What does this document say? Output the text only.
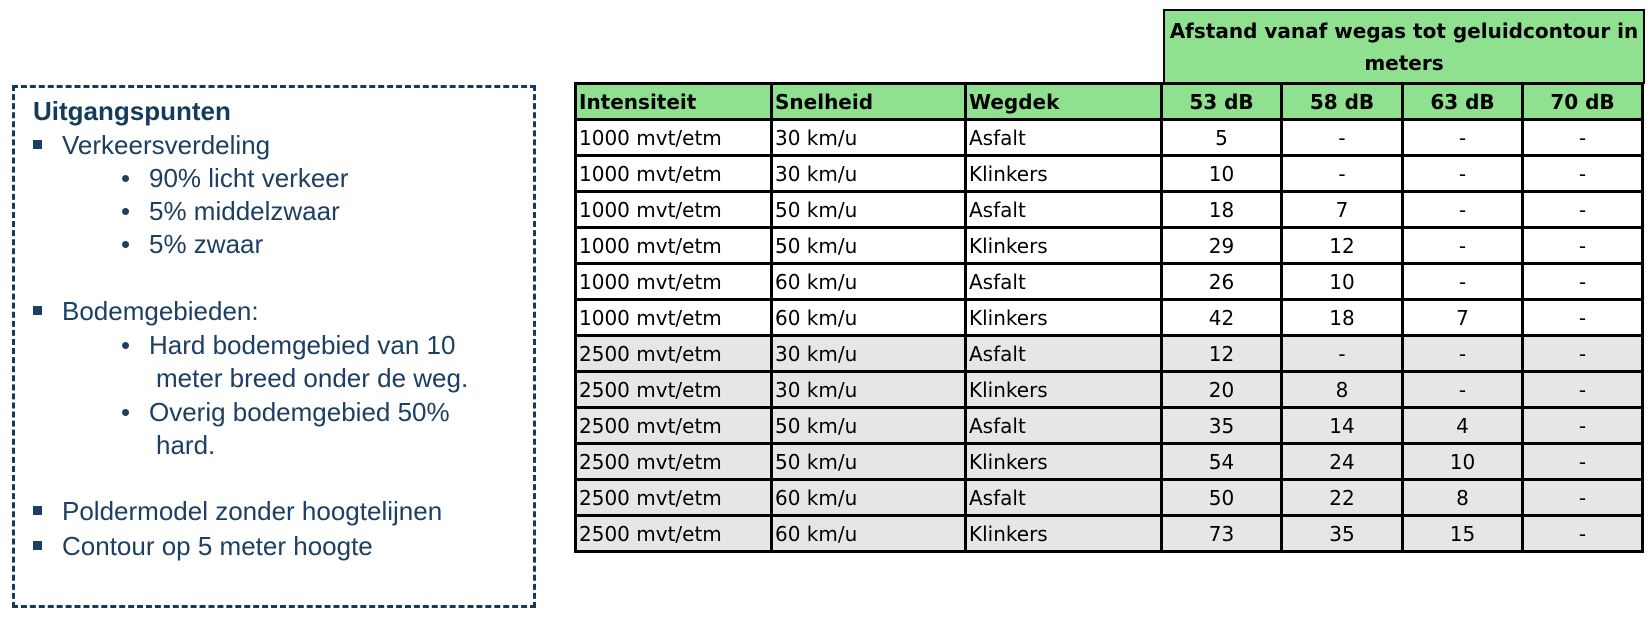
Uitgangspunten
Verkeersverdeling
• 90% licht verkeer
• 5% middelzwaar
• 5% zwaar
Bodemgebieden:
• Hard bodemgebied van 10
meter breed onder de weg.
• Overig bodemgebied 50%
hard.
Poldermodel zonder hoogtelijnen
Contour op 5 meter hoogte
Afstand vanaf wegas tot geluidcontour in
meters
Intensiteit	Snelheid	Wegdek	53 dB	58 dB	63 dB	70 dB
1000 mvt/etm	30 km/u	Asfalt	5	-	-	-
1000 mvt/etm	30 km/u	Klinkers	10	-	-	-
1000 mvt/etm	50 km/u	Asfalt	18	7	-	-
1000 mvt/etm	50 km/u	Klinkers	29	12	-	-
1000 mvt/etm	60 km/u	Asfalt	26	10	-	-
1000 mvt/etm	60 km/u	Klinkers	42	18	7	-
2500 mvt/etm	30 km/u	Asfalt	12	-	-	-
2500 mvt/etm	30 km/u	Klinkers	20	8	-	-
2500 mvt/etm	50 km/u	Asfalt	35	14	4	-
2500 mvt/etm	50 km/u	Klinkers	54	24	10	-
2500 mvt/etm	60 km/u	Asfalt	50	22	8	-
2500 mvt/etm	60 km/u	Klinkers	73	35	15	-
